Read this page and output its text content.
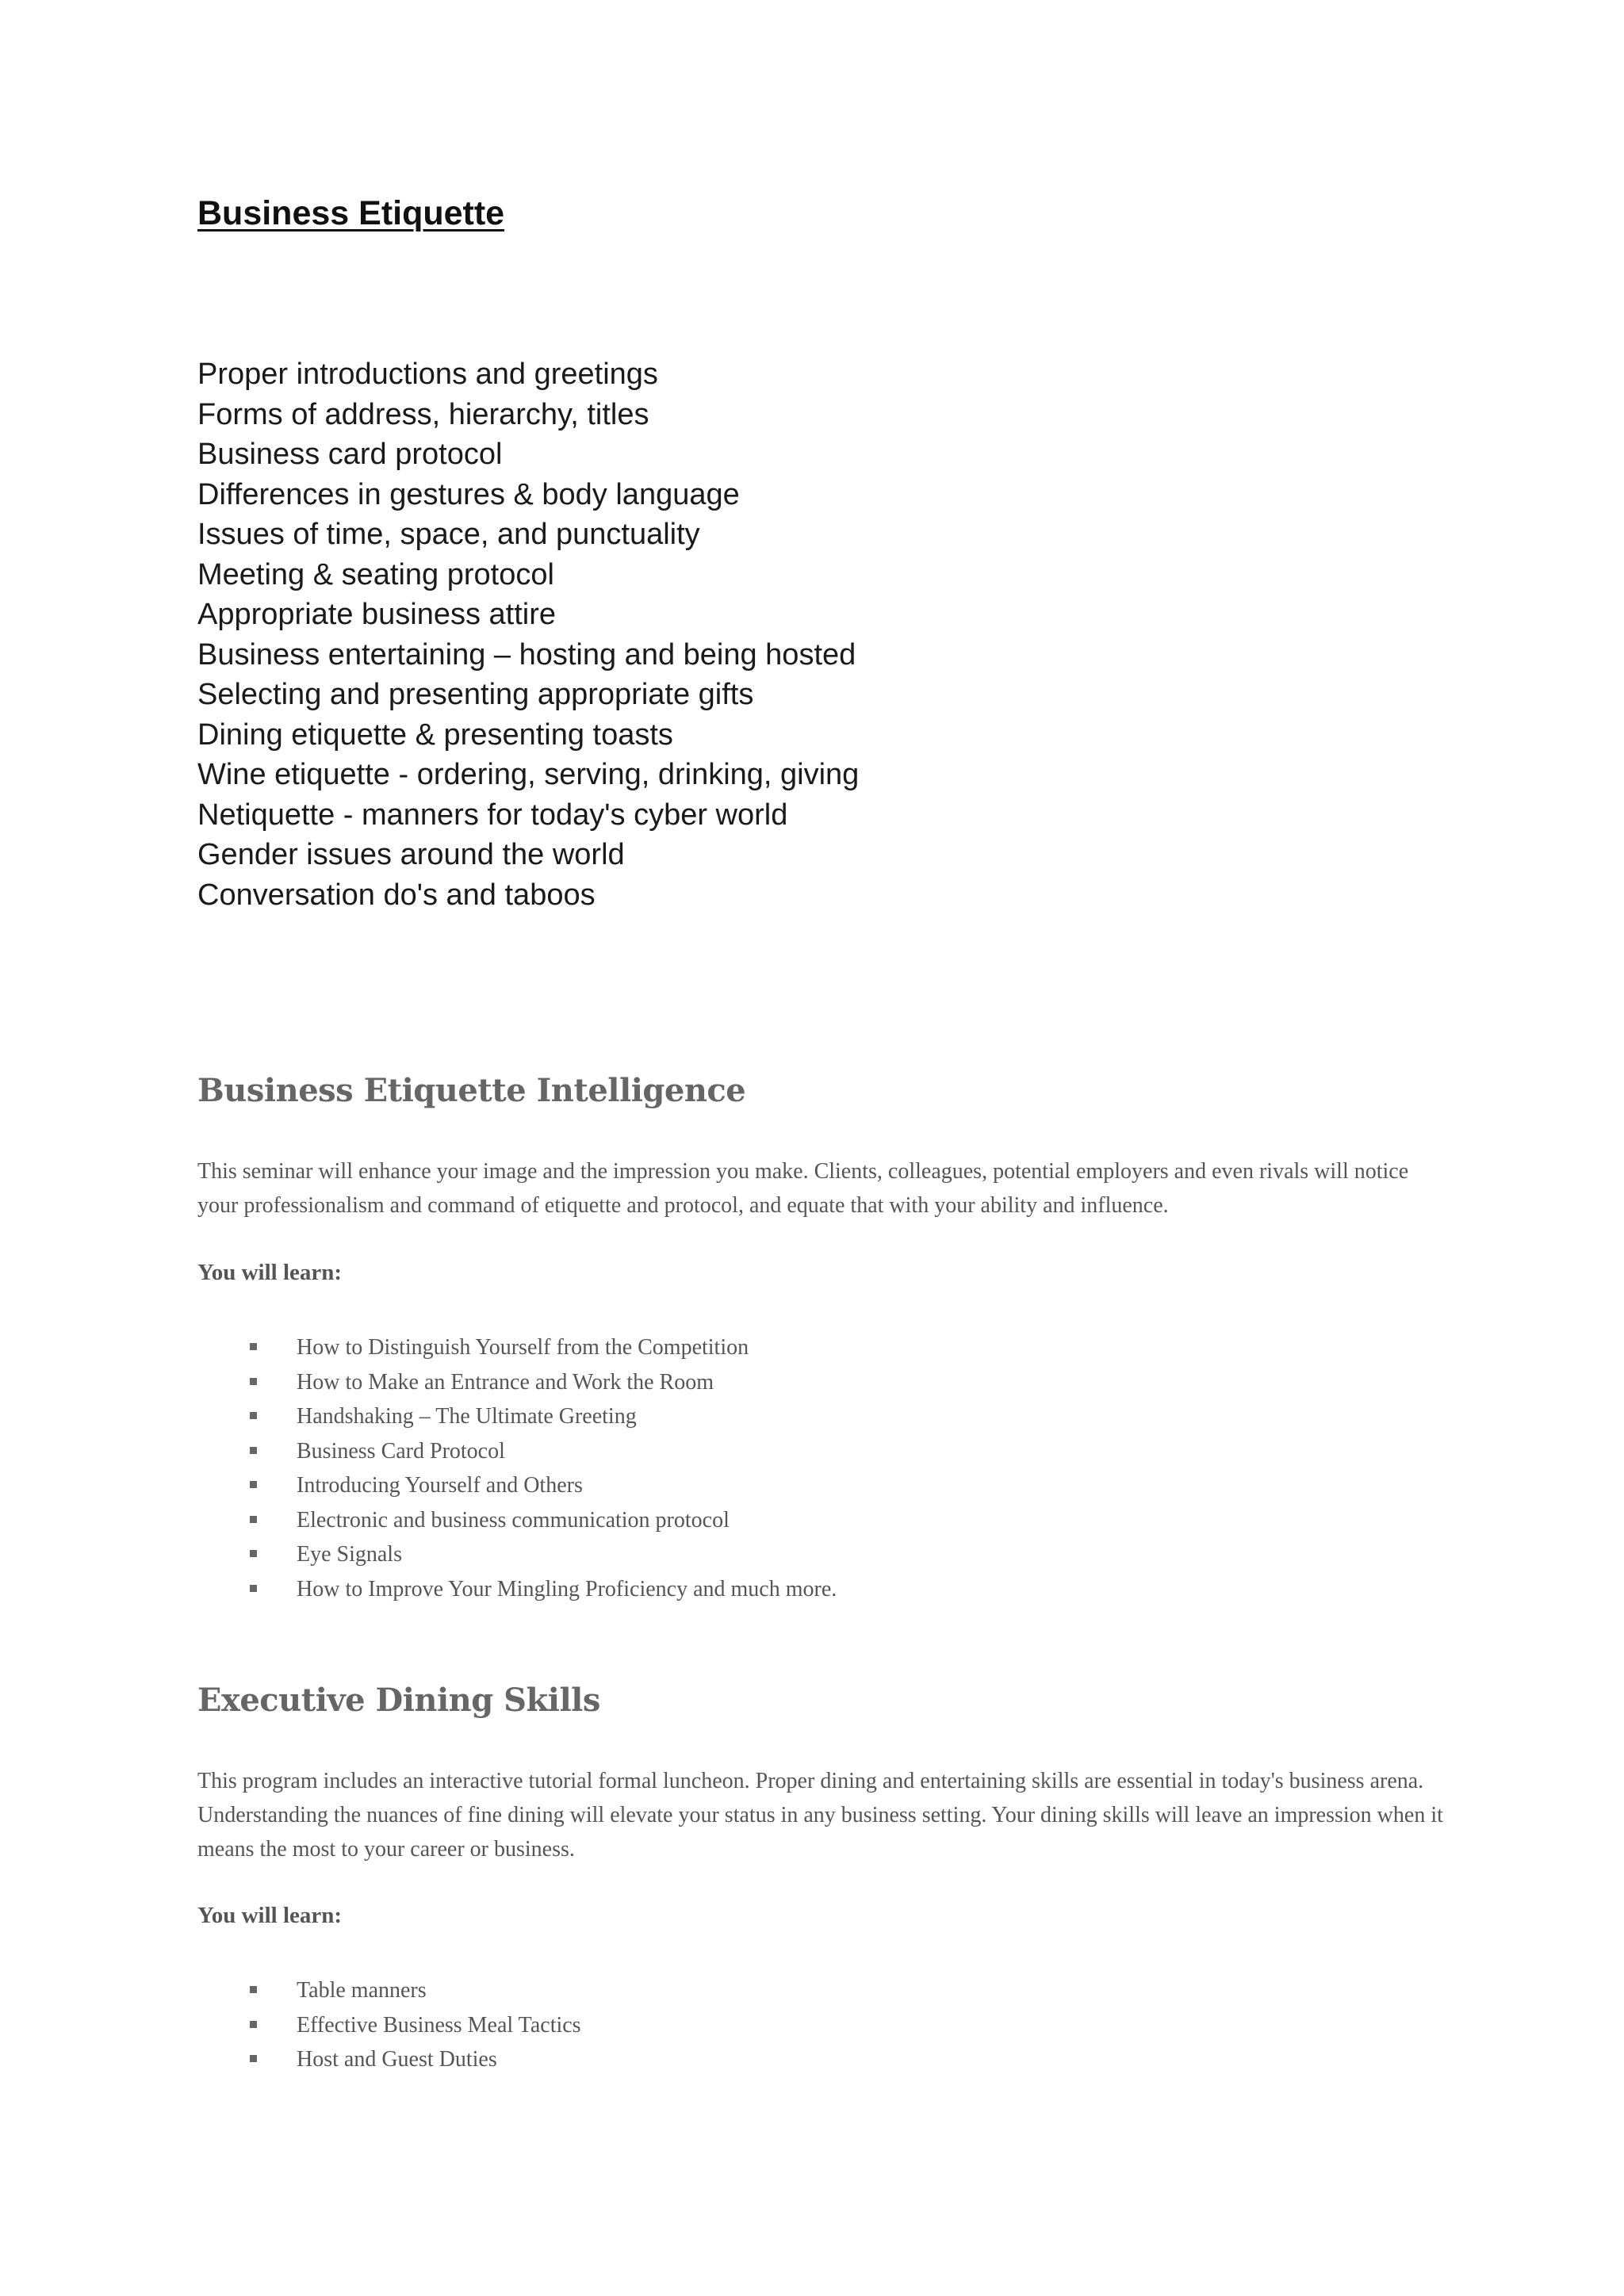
Business Etiquette
Proper introductions and greetings
Forms of address, hierarchy, titles
Business card protocol
Differences in gestures & body language
Issues of time, space, and punctuality
Meeting & seating protocol
Appropriate business attire
Business entertaining – hosting and being hosted
Selecting and presenting appropriate gifts
Dining etiquette & presenting toasts
Wine etiquette - ordering, serving, drinking, giving
Netiquette - manners for today's cyber world
Gender issues around the world
Conversation do's and taboos
Business Etiquette Intelligence

This seminar will enhance your image and the impression you make. Clients, colleagues, potential employers and even rivals will notice your professionalism and command of etiquette and protocol, and equate that with your ability and influence.

You will learn:

How to Distinguish Yourself from the Competition
How to Make an Entrance and Work the Room
Handshaking – The Ultimate Greeting
Business Card Protocol
Introducing Yourself and Others
Electronic and business communication protocol
Eye Signals
How to Improve Your Mingling Proficiency and much more.
Executive Dining Skills

This program includes an interactive tutorial formal luncheon. Proper dining and entertaining skills are essential in today's business arena. Understanding the nuances of fine dining will elevate your status in any business setting. Your dining skills will leave an impression when it means the most to your career or business.

You will learn:

Table manners
Effective Business Meal Tactics
Host and Guest Duties
